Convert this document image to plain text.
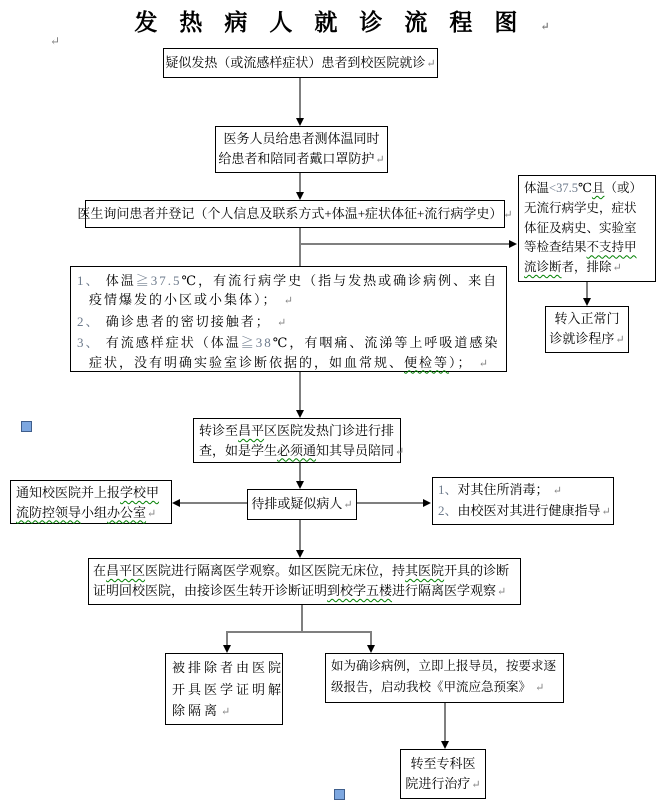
发热病人就诊流程图↵
↵
疑似发热（或流感样症状）患者到校医院就诊↵
医务人员给患者测体温同时
给患者和陪同者戴口罩防护↵
医生询问患者并登记（个人信息及联系方式+体温+症状体征+流行病学史）↵
1、 体温≧37.5℃，有流行病学史（指与发热或确诊病例、来自
疫情爆发的小区或小集体）； ↵
2、 确诊患者的密切接触者； ↵
3、 有流感样症状（体温≧38℃，有咽痛、流涕等上呼吸道感染
症状，没有明确实验室诊断依据的，如血常规、便检等）； ↵
体温<37.5℃且（或）
无流行病学史，症状
体征及病史、实验室
等检查结果不支持甲
流诊断者，排除↵
转入正常门
诊就诊程序↵
转诊至昌平区医院发热门诊进行排
查，如是学生必须通知其导员陪同↵
待排或疑似病人↵
通知校医院并上报学校甲
流防控领导小组办公室↵
1、对其住所消毒； ↵
2、由校医对其进行健康指导↵
在昌平区医院进行隔离医学观察。如区医院无床位，持其医院开具的诊断
证明回校医院，由接诊医生转开诊断证明到校学五楼进行隔离医学观察↵
被排除者由医院
开具医学证明解
除隔离↵
如为确诊病例，立即上报导员，按要求逐
级报告，启动我校《甲流应急预案》 ↵
转至专科医
院进行治疗↵
